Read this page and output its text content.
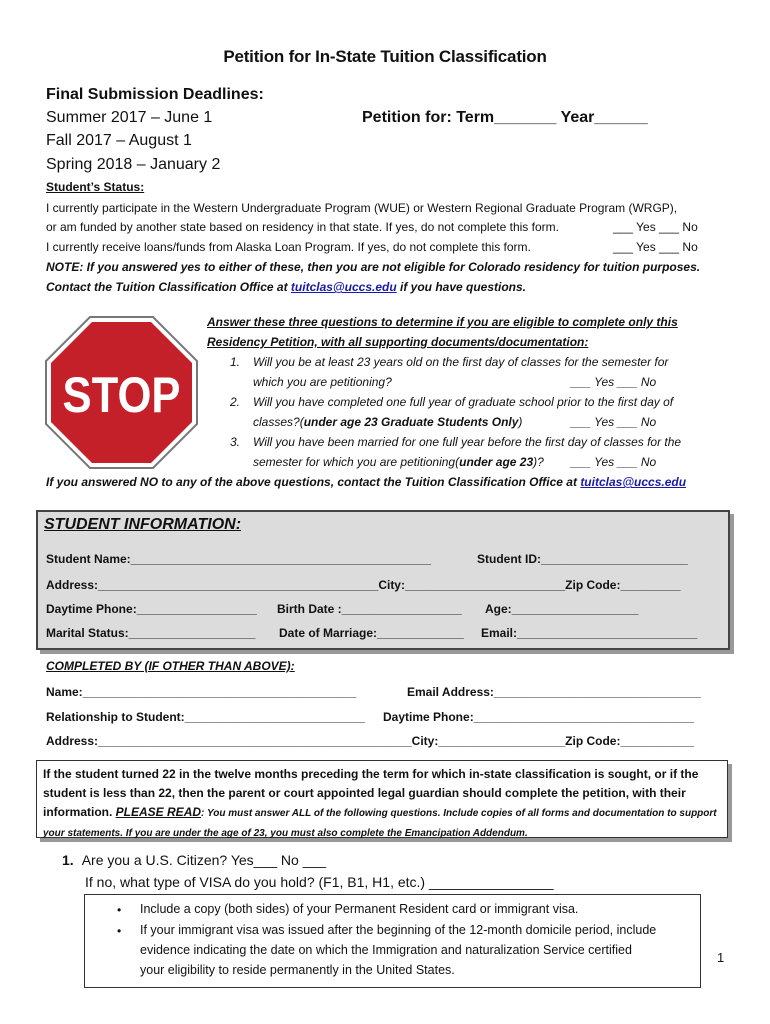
Petition for In-State Tuition Classification
Final Submission Deadlines:
Summer 2017 – June 1
Fall 2017 – August 1
Spring 2018 – January 2
Petition for: Term_______ Year______
Student’s Status:
I currently participate in the Western Undergraduate Program (WUE) or Western Regional Graduate Program (WRGP),
or am funded by another state based on residency in that state. If yes, do not complete this form.	___ Yes ___ No
I currently receive loans/funds from Alaska Loan Program. If yes, do not complete this form.	___ Yes ___ No
NOTE: If you answered yes to either of these, then you are not eligible for Colorado residency for tuition purposes.
Contact the Tuition Classification Office at tuitclas@uccs.edu if you have questions.
STOP
Answer these three questions to determine if you are eligible to complete only this
Residency Petition, with all supporting documents/documentation:
1. Will you be at least 23 years old on the first day of classes for the semester for
which you are petitioning?	___ Yes ___ No
2. Will you have completed one full year of graduate school prior to the first day of
classes?(under age 23 Graduate Students Only)	___ Yes ___ No
3. Will you have been married for one full year before the first day of classes for the
semester for which you are petitioning(under age 23)? ___ Yes ___ No
If you answered NO to any of the above questions, contact the Tuition Classification Office at tuitclas@uccs.edu
STUDENT INFORMATION:
Student Name:_____________________________________________	Student ID:______________________
Address:__________________________________________City:________________________Zip Code:_________
Daytime Phone:__________________ Birth Date :__________________ Age:___________________
Marital Status:___________________ Date of Marriage:_____________ Email:___________________________
COMPLETED BY (IF OTHER THAN ABOVE):
Name:_________________________________________	Email Address:_______________________________
Relationship to Student:___________________________ Daytime Phone:_________________________________
Address:_______________________________________________City:___________________Zip Code:___________
If the student turned 22 in the twelve months preceding the term for which in-state classification is sought, or if the student is less than 22, then the parent or court appointed legal guardian should complete the petition, with their information. PLEASE READ: You must answer ALL of the following questions. Include copies of all forms and documentation to support your statements. If you are under the age of 23, you must also complete the Emancipation Addendum.
1. Are you a U.S. Citizen? Yes___ No ___
If no, what type of VISA do you hold? (F1, B1, H1, etc.) ________________
• Include a copy (both sides) of your Permanent Resident card or immigrant visa.
• If your immigrant visa was issued after the beginning of the 12-month domicile period, include
evidence indicating the date on which the Immigration and naturalization Service certified
your eligibility to reside permanently in the United States.
1
